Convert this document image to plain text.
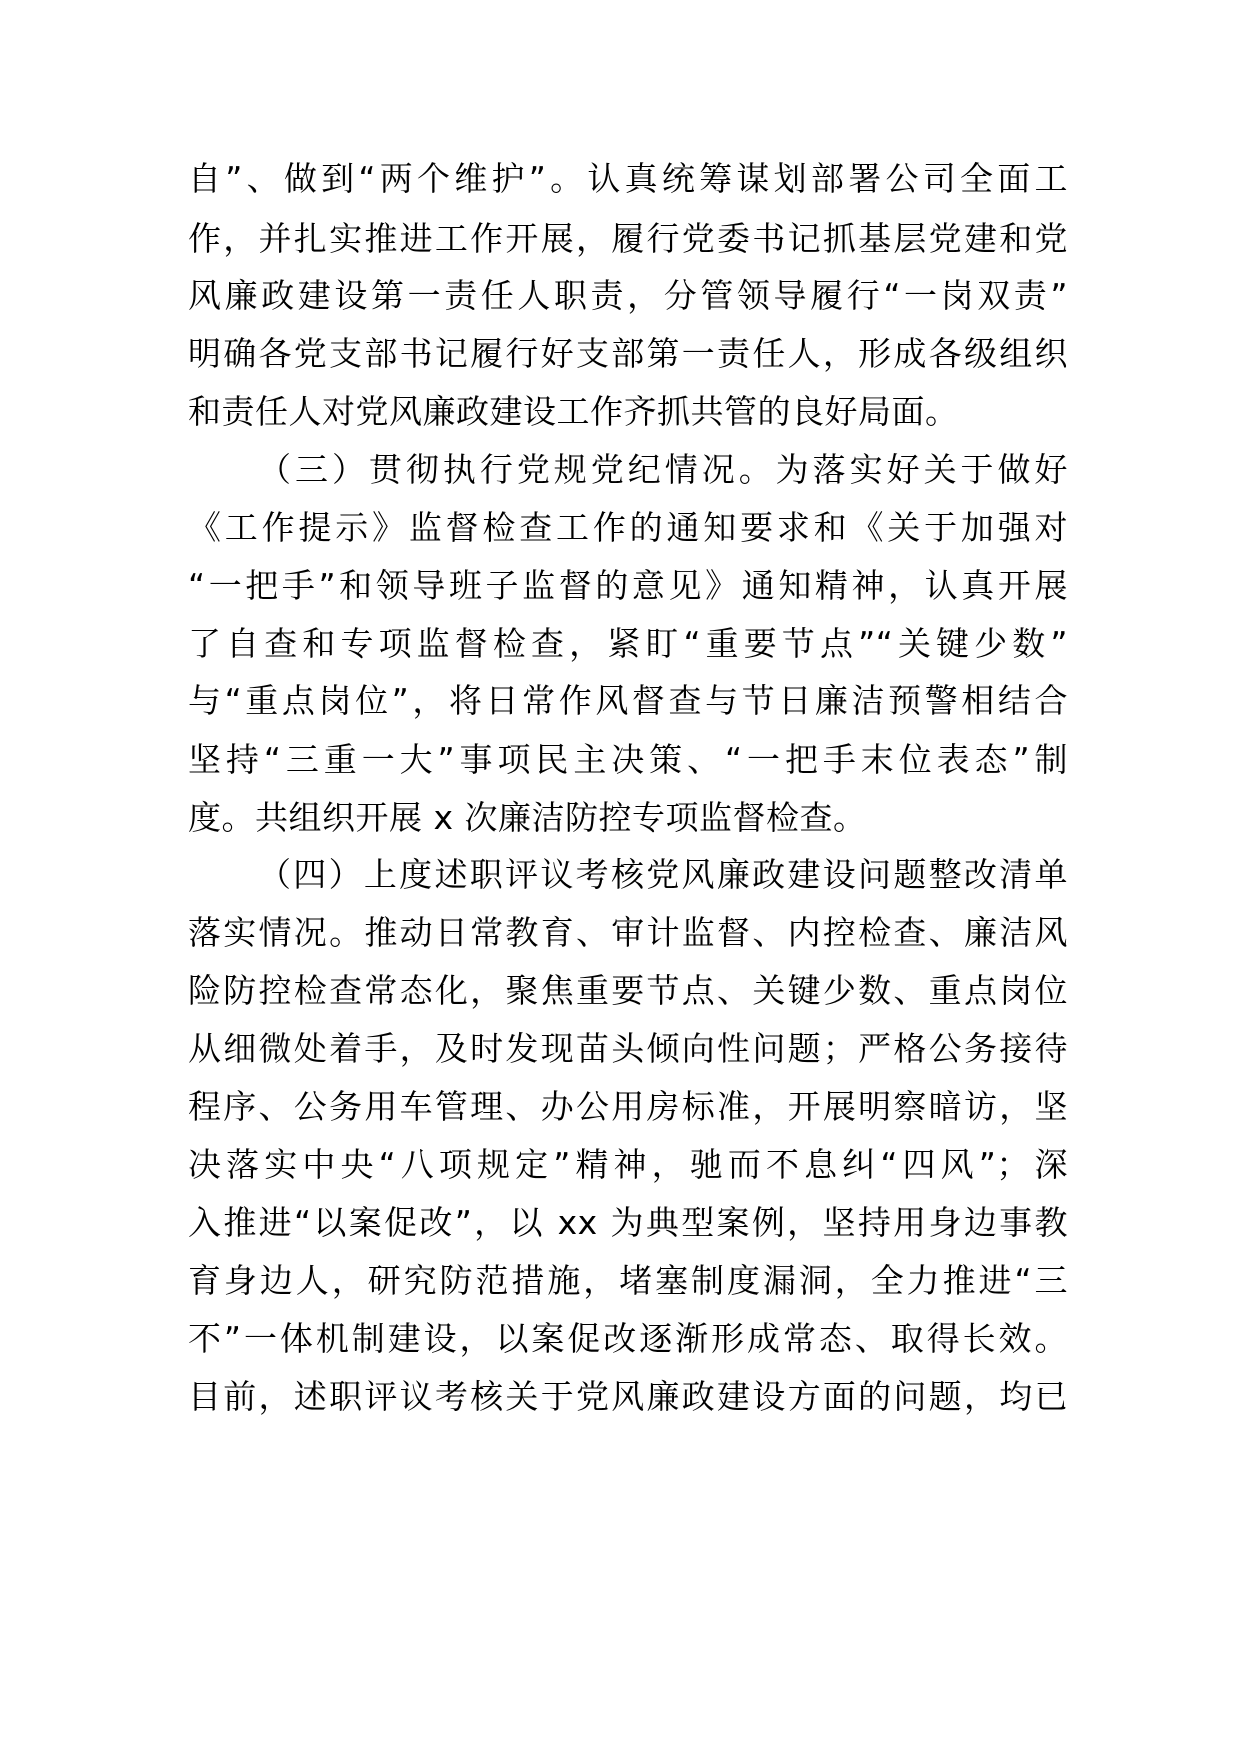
自”、做到“两个维护”。认真统筹谋划部署公司全面工
作，并扎实推进工作开展，履行党委书记抓基层党建和党
风廉政建设第一责任人职责，分管领导履行“一岗双责”
明确各党支部书记履行好支部第一责任人，形成各级组织
和责任人对党风廉政建设工作齐抓共管的良好局面。
（三）贯彻执行党规党纪情况。为落实好关于做好
《工作提示》监督检查工作的通知要求和《关于加强对
“一把手”和领导班子监督的意见》通知精神，认真开展
了自查和专项监督检查，紧盯“重要节点”“关键少数”
与“重点岗位”，将日常作风督查与节日廉洁预警相结合
坚持“三重一大”事项民主决策、“一把手末位表态”制
度。共组织开展 x 次廉洁防控专项监督检查。
（四）上度述职评议考核党风廉政建设问题整改清单
落实情况。推动日常教育、审计监督、内控检查、廉洁风
险防控检查常态化，聚焦重要节点、关键少数、重点岗位
从细微处着手，及时发现苗头倾向性问题；严格公务接待
程序、公务用车管理、办公用房标准，开展明察暗访，坚
决落实中央“八项规定”精神，驰而不息纠“四风”；深
入推进“以案促改”，以 xx 为典型案例，坚持用身边事教
育身边人，研究防范措施，堵塞制度漏洞，全力推进“三
不”一体机制建设，以案促改逐渐形成常态、取得长效。
目前，述职评议考核关于党风廉政建设方面的问题，均已
